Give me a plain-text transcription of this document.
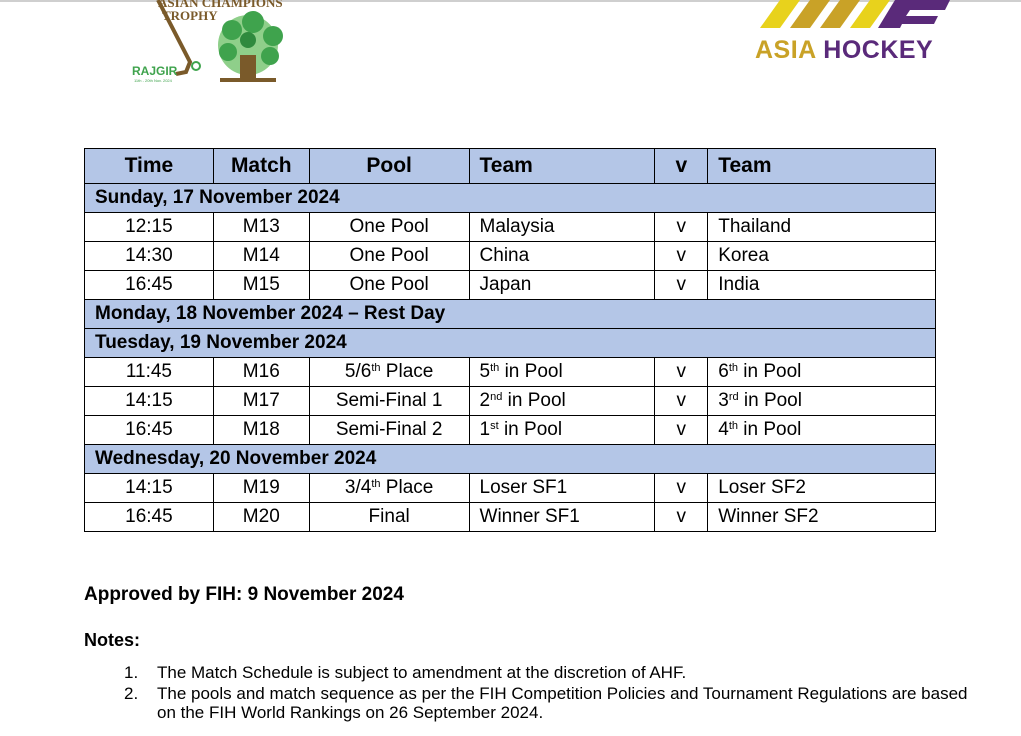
ASIAN CHAMPIONS
TROPHY
RAJGIR
11th - 20th Nov. 2024
ASIA HOCKEY
Time	Match	Pool	Team	v	Team
Sunday, 17 November 2024					
12:15	M13	One Pool	Malaysia	v	Thailand
14:30	M14	One Pool	China	v	Korea
16:45	M15	One Pool	Japan	v	India
Monday, 18 November 2024 – Rest Day					
Tuesday, 19 November 2024					
11:45	M16	5/6th Place	5th in Pool	v	6th in Pool
14:15	M17	Semi-Final 1	2nd in Pool	v	3rd in Pool
16:45	M18	Semi-Final 2	1st in Pool	v	4th in Pool
Wednesday, 20 November 2024					
14:15	M19	3/4th Place	Loser SF1	v	Loser SF2
16:45	M20	Final	Winner SF1	v	Winner SF2
Approved by FIH: 9 November 2024
Notes:
1.	The Match Schedule is subject to amendment at the discretion of AHF.
2.	The pools and match sequence as per the FIH Competition Policies and Tournament Regulations are based on the FIH World Rankings on 26 September 2024.
